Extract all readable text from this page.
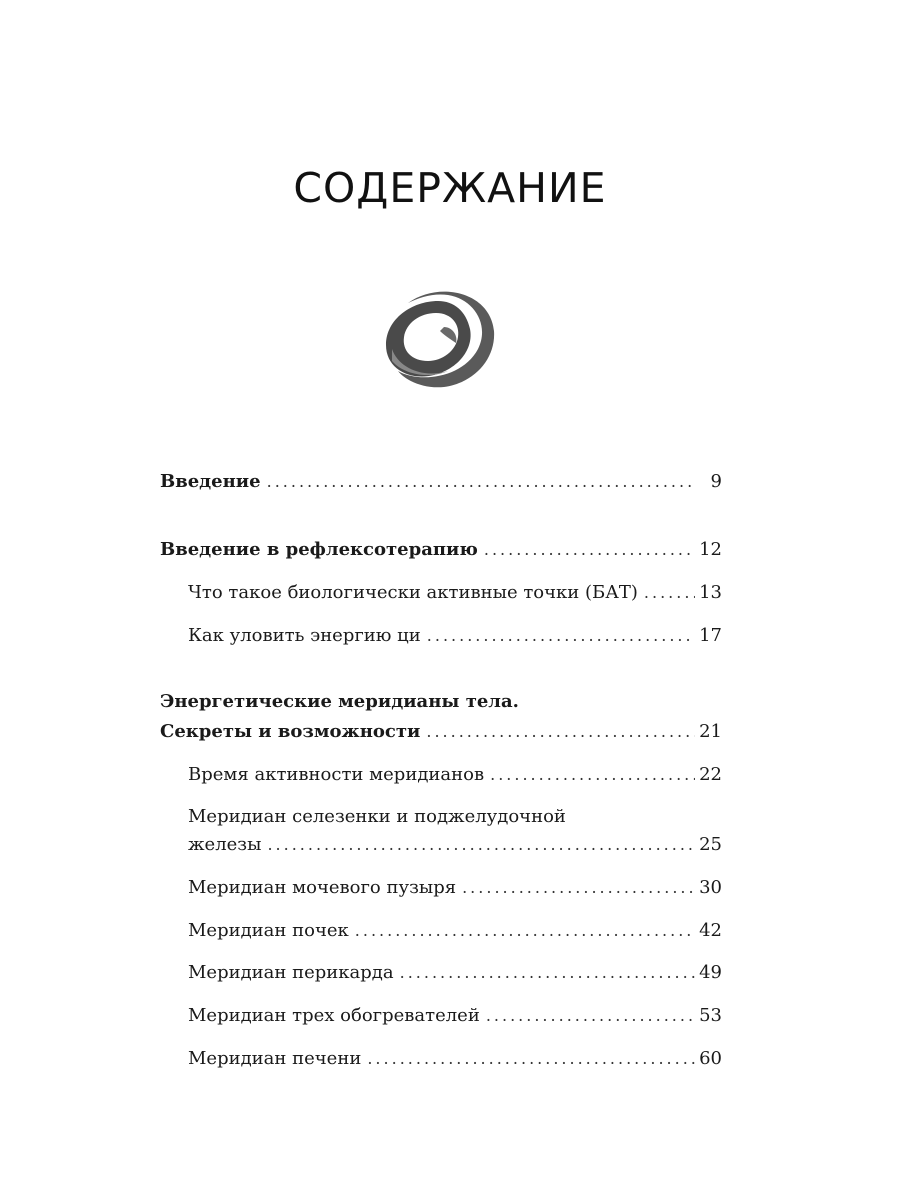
СОДЕРЖАНИЕ
Введение .....	9
Введение в рефлексотерапию .....	12
Что такое биологически активные точки (БАТ) .....	13
Как уловить энергию ци .....	17
Энергетические меридианы тела.
Секреты и возможности .....	21
Время активности меридианов .....	22
Меридиан селезенки и поджелудочной
железы .....	25
Меридиан мочевого пузыря .....	30
Меридиан почек .....	42
Меридиан перикарда .....	49
Меридиан трех обогревателей .....	53
Меридиан печени .....	60
